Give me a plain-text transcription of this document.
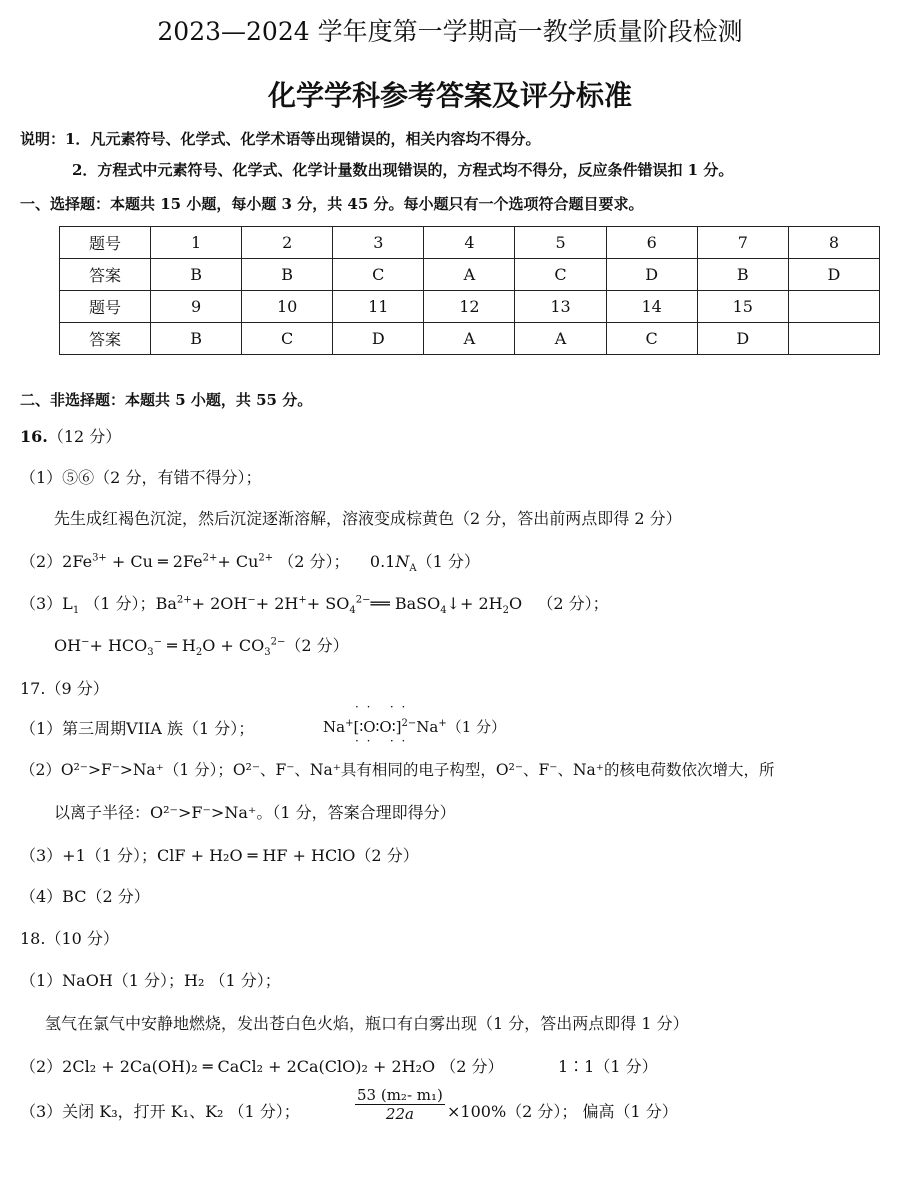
2023—2024 学年度第一学期高一教学质量阶段检测
化学学科参考答案及评分标准
说明：1．凡元素符号、化学式、化学术语等出现错误的，相关内容均不得分。
2．方程式中元素符号、化学式、化学计量数出现错误的，方程式均不得分，反应条件错误扣 1 分。
一、选择题：本题共 15 小题，每小题 3 分，共 45 分。每小题只有一个选项符合题目要求。
题号	1	2	3	4	5	6	7	8
答案	B	B	C	A	C	D	B	D
题号	9	10	11	12	13	14	15	
答案	B	C	D	A	A	C	D	
二、非选择题：本题共 5 小题，共 55 分。
16.（12 分）
（1）⑤⑥（2 分，有错不得分）；
先生成红褐色沉淀，然后沉淀逐渐溶解，溶液变成棕黄色（2 分，答出前两点即得 2 分）
$(2)2Fe^{3+} + Cu$ ═ $2Fe^{2+}+ Cu^{2+}$ （2 分）；    $0.1N_A(1$ 分）
$(3)L_1$ （1 分）；$Ba^{2+}+ 2OH^-+ 2H^++$ $SO_4^{2-}══$ BaSO$_4$↓+ $2H_2O$   （2 分）；
$OH^-+ HCO_3^-$ ═ $H_2O + CO_3^{2-}(2$ 分）
17.（9 分）
（1）第三周期VIIA 族（1 分）；
· ·   · ·
Na+[∶O∶O∶]$^{2-}$Na+（1 分）
· ·   · ·
（2）O²⁻>F⁻>Na⁺（1 分）；O²⁻、F⁻、Na⁺具有相同的电子构型，O²⁻、F⁻、Na⁺的核电荷数依次增大，所
以离子半径：O²⁻>F⁻>Na⁺。（1 分，答案合理即得分）
（3）+1（1 分）；ClF + H₂O ═ HF + HClO（2 分）
（4）BC（2 分）
18.（10 分）
（1）NaOH（1 分）；H₂ （1 分）；
氢气在氯气中安静地燃烧，发出苍白色火焰，瓶口有白雾出现（1 分，答出两点即得 1 分）
（2）2Cl₂ + 2Ca(OH)₂ ═ CaCl₂ + 2Ca(ClO)₂ + 2H₂O （2 分）	1∶1（1 分）
（3）关闭 K₃，打开 K₁、K₂ （1 分）；	$\frac{\text{53 (m₂- m₁)}}{22a} \times 100\%(2$ 分）； 偏高（1 分）
